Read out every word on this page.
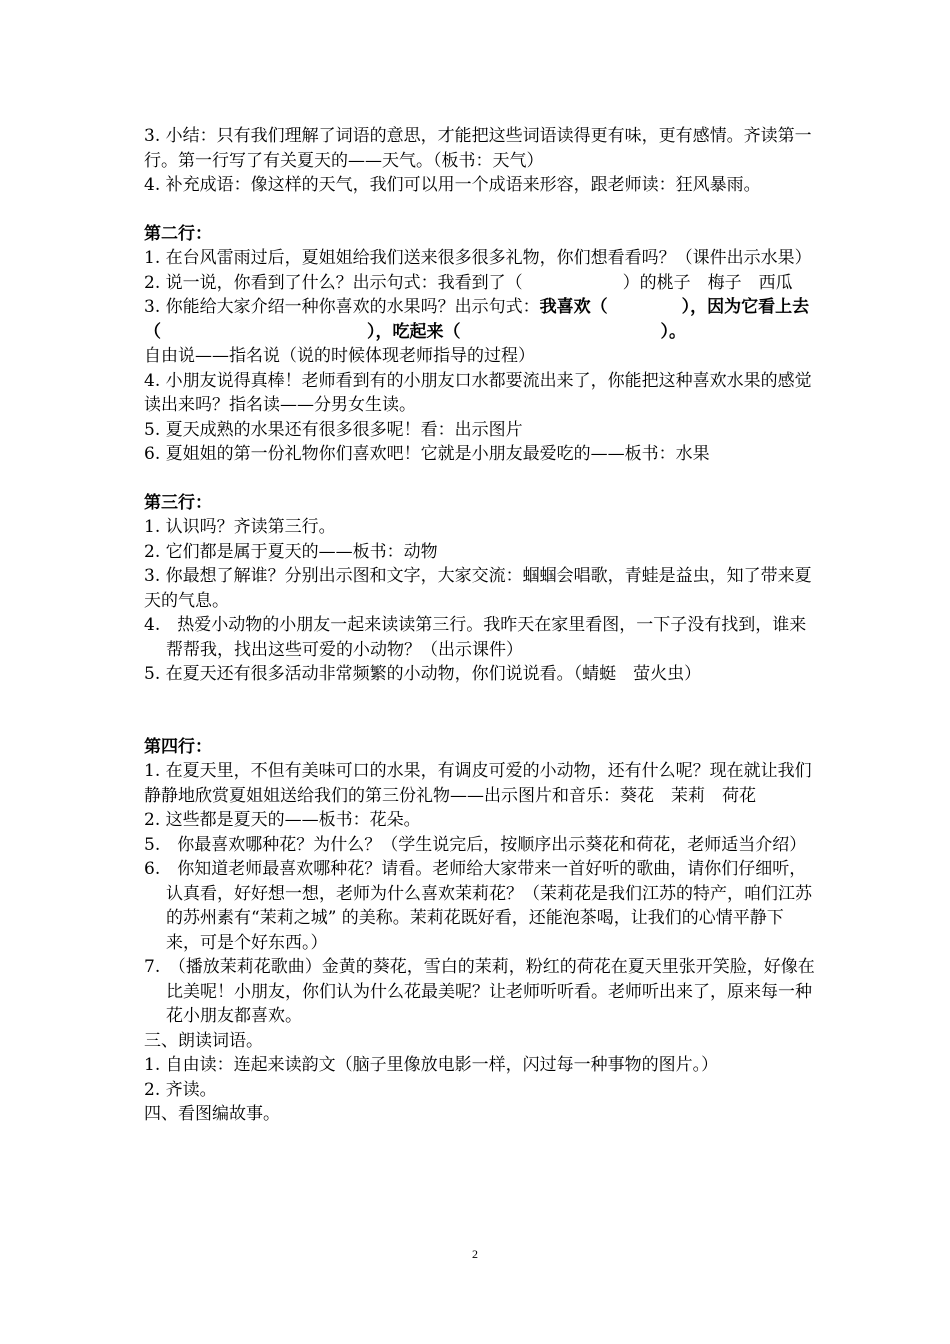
3. 小结：只有我们理解了词语的意思，才能把这些词语读得更有味，更有感情。齐读第一行。第一行写了有关夏天的——天气。（板书：天气）

4. 补充成语：像这样的天气，我们可以用一个成语来形容，跟老师读：狂风暴雨。

第二行：

1. 在台风雷雨过后，夏姐姐给我们送来很多很多礼物，你们想看看吗？（课件出示水果）

2. 说一说，你看到了什么？出示句式：我看到了（	）的桃子　梅子　西瓜

3. 你能给大家介绍一种你喜欢的水果吗？出示句式：我喜欢（	），因为它看上去（	），吃起来（	）。

自由说——指名说（说的时候体现老师指导的过程）

4. 小朋友说得真棒！老师看到有的小朋友口水都要流出来了，你能把这种喜欢水果的感觉读出来吗？指名读——分男女生读。

5. 夏天成熟的水果还有很多很多呢！看：出示图片

6. 夏姐姐的第一份礼物你们喜欢吧！它就是小朋友最爱吃的——板书：水果

第三行：

1. 认识吗？齐读第三行。

2. 它们都是属于夏天的——板书：动物

3. 你最想了解谁？分别出示图和文字，大家交流：蝈蝈会唱歌，青蛙是益虫，知了带来夏天的气息。

4.　热爱小动物的小朋友一起来读读第三行。我昨天在家里看图，一下子没有找到，谁来帮帮我，找出这些可爱的小动物？（出示课件）

5. 在夏天还有很多活动非常频繁的小动物，你们说说看。（蜻蜓　萤火虫）

第四行：

1. 在夏天里，不但有美味可口的水果，有调皮可爱的小动物，还有什么呢？现在就让我们静静地欣赏夏姐姐送给我们的第三份礼物——出示图片和音乐：葵花　茉莉　荷花

2. 这些都是夏天的——板书：花朵。

5.　你最喜欢哪种花？为什么？（学生说完后，按顺序出示葵花和荷花，老师适当介绍）

6.　你知道老师最喜欢哪种花？请看。老师给大家带来一首好听的歌曲，请你们仔细听，认真看，好好想一想，老师为什么喜欢茉莉花？（茉莉花是我们江苏的特产，咱们江苏的苏州素有“茉莉之城” 的美称。茉莉花既好看，还能泡茶喝，让我们的心情平静下来，可是个好东西。）

7.　（播放茉莉花歌曲）金黄的葵花，雪白的茉莉，粉红的荷花在夏天里张开笑脸，好像在比美呢！小朋友，你们认为什么花最美呢？让老师听听看。老师听出来了，原来每一种花小朋友都喜欢。

三、朗读词语。

1. 自由读：连起来读韵文（脑子里像放电影一样，闪过每一种事物的图片。）

2. 齐读。

四、看图编故事。

2
